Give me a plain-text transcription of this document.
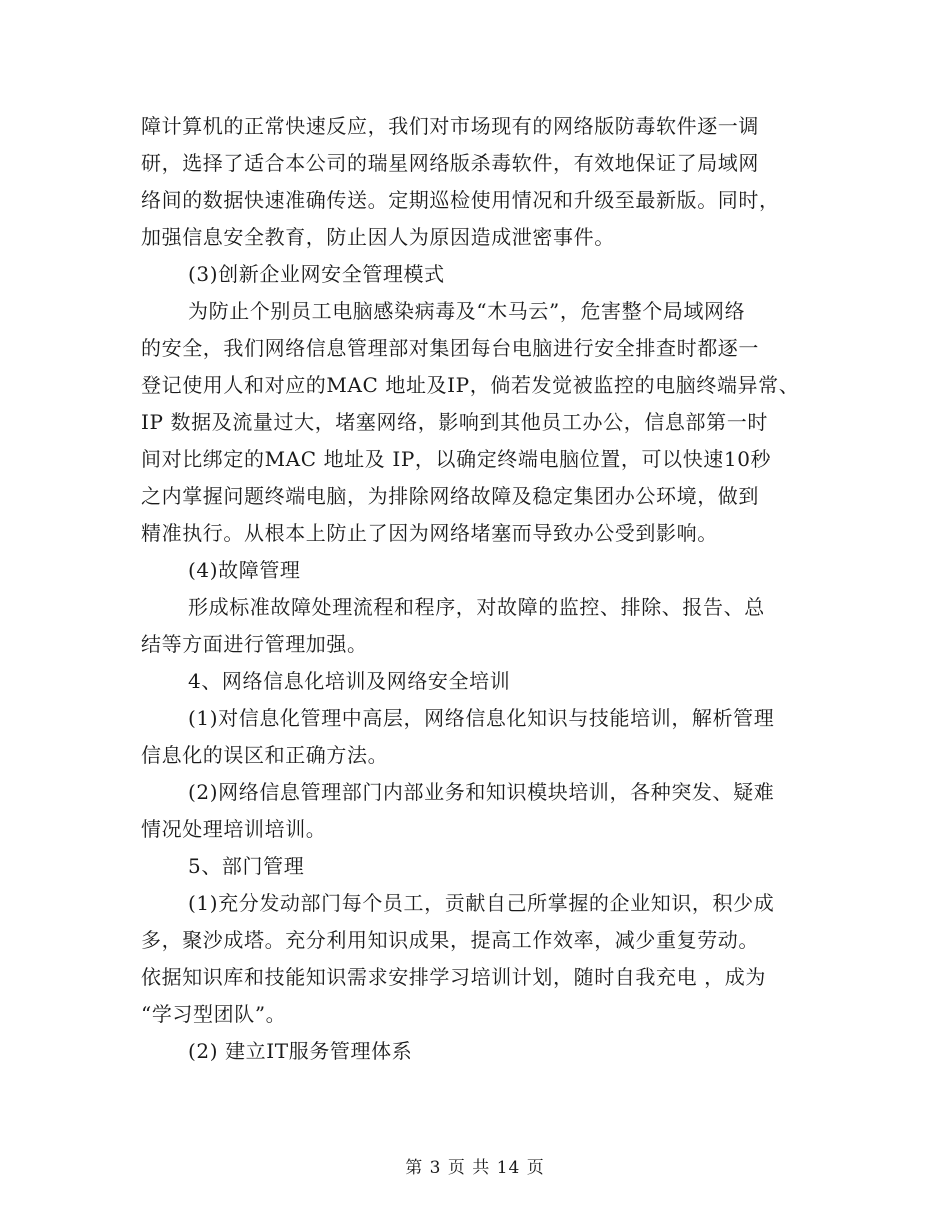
障计算机的正常快速反应，我们对市场现有的网络版防毒软件逐一调
研，选择了适合本公司的瑞星网络版杀毒软件，有效地保证了局域网
络间的数据快速准确传送。定期巡检使用情况和升级至最新版。同时，
加强信息安全教育，防止因人为原因造成泄密事件。
(3)创新企业网安全管理模式
为防止个别员工电脑感染病毒及“木马云”，危害整个局域网络
的安全，我们网络信息管理部对集团每台电脑进行安全排查时都逐一
登记使用人和对应的MAC 地址及IP，倘若发觉被监控的电脑终端异常、
IP 数据及流量过大，堵塞网络，影响到其他员工办公，信息部第一时
间对比绑定的MAC 地址及 IP，以确定终端电脑位置，可以快速10秒
之内掌握问题终端电脑，为排除网络故障及稳定集团办公环境，做到
精准执行。从根本上防止了因为网络堵塞而导致办公受到影响。
(4)故障管理
形成标准故障处理流程和程序，对故障的监控、排除、报告、总
结等方面进行管理加强。
4、网络信息化培训及网络安全培训
(1)对信息化管理中高层，网络信息化知识与技能培训，解析管理
信息化的误区和正确方法。
(2)网络信息管理部门内部业务和知识模块培训，各种突发、疑难
情况处理培训培训。
5、部门管理
(1)充分发动部门每个员工，贡献自己所掌握的企业知识，积少成
多，聚沙成塔。充分利用知识成果，提高工作效率，减少重复劳动。
依据知识库和技能知识需求安排学习培训计划，随时自我充电 ，成为
“学习型团队”。
(2) 建立IT服务管理体系
第 3 页 共 14 页
